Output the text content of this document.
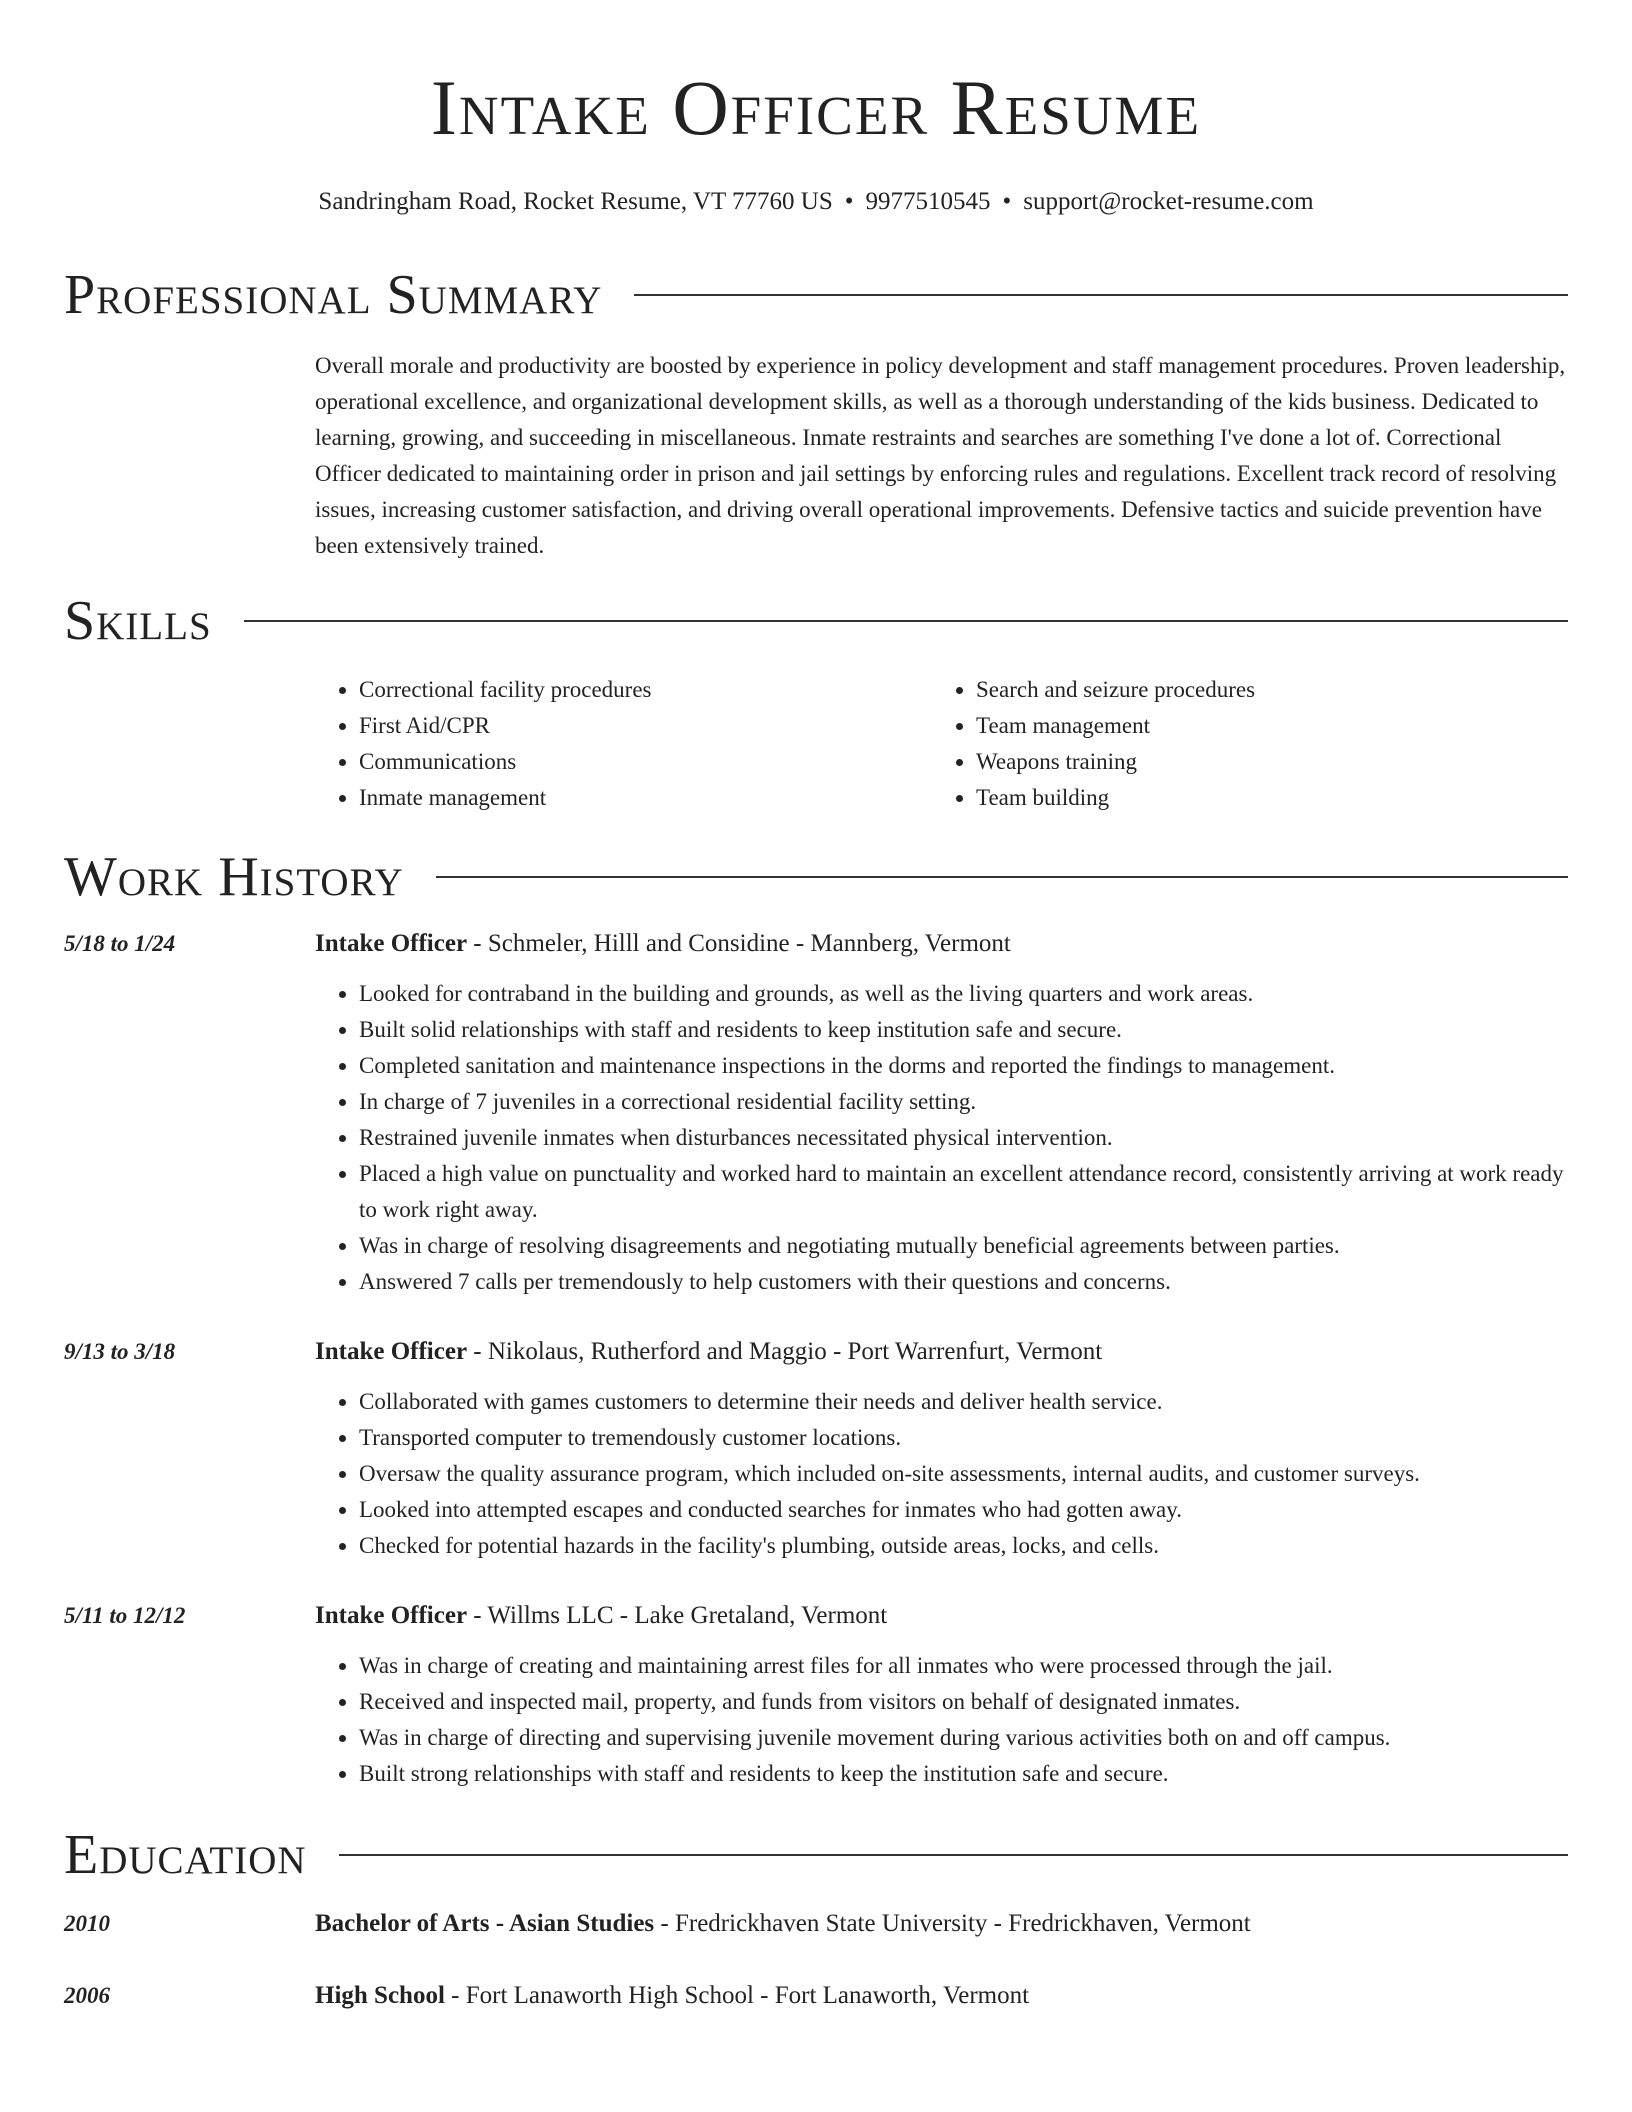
Intake Officer Resume
Sandringham Road, Rocket Resume, VT 77760 US • 9977510545 • support@rocket-resume.com
Professional Summary
Overall morale and productivity are boosted by experience in policy development and staff management procedures. Proven leadership, operational excellence, and organizational development skills, as well as a thorough understanding of the kids business. Dedicated to learning, growing, and succeeding in miscellaneous. Inmate restraints and searches are something I've done a lot of. Correctional Officer dedicated to maintaining order in prison and jail settings by enforcing rules and regulations. Excellent track record of resolving issues, increasing customer satisfaction, and driving overall operational improvements. Defensive tactics and suicide prevention have been extensively trained.
Skills
• Correctional facility procedures
• First Aid/CPR
• Communications
• Inmate management
• Search and seizure procedures
• Team management
• Weapons training
• Team building
Work History
5/18 to 1/24	Intake Officer - Schmeler, Hilll and Considine - Mannberg, Vermont
• Looked for contraband in the building and grounds, as well as the living quarters and work areas.
• Built solid relationships with staff and residents to keep institution safe and secure.
• Completed sanitation and maintenance inspections in the dorms and reported the findings to management.
• In charge of 7 juveniles in a correctional residential facility setting.
• Restrained juvenile inmates when disturbances necessitated physical intervention.
• Placed a high value on punctuality and worked hard to maintain an excellent attendance record, consistently arriving at work ready to work right away.
• Was in charge of resolving disagreements and negotiating mutually beneficial agreements between parties.
• Answered 7 calls per tremendously to help customers with their questions and concerns.
9/13 to 3/18	Intake Officer - Nikolaus, Rutherford and Maggio - Port Warrenfurt, Vermont
• Collaborated with games customers to determine their needs and deliver health service.
• Transported computer to tremendously customer locations.
• Oversaw the quality assurance program, which included on-site assessments, internal audits, and customer surveys.
• Looked into attempted escapes and conducted searches for inmates who had gotten away.
• Checked for potential hazards in the facility's plumbing, outside areas, locks, and cells.
5/11 to 12/12	Intake Officer - Willms LLC - Lake Gretaland, Vermont
• Was in charge of creating and maintaining arrest files for all inmates who were processed through the jail.
• Received and inspected mail, property, and funds from visitors on behalf of designated inmates.
• Was in charge of directing and supervising juvenile movement during various activities both on and off campus.
• Built strong relationships with staff and residents to keep the institution safe and secure.
Education
2010	Bachelor of Arts - Asian Studies - Fredrickhaven State University - Fredrickhaven, Vermont
2006	High School - Fort Lanaworth High School - Fort Lanaworth, Vermont
